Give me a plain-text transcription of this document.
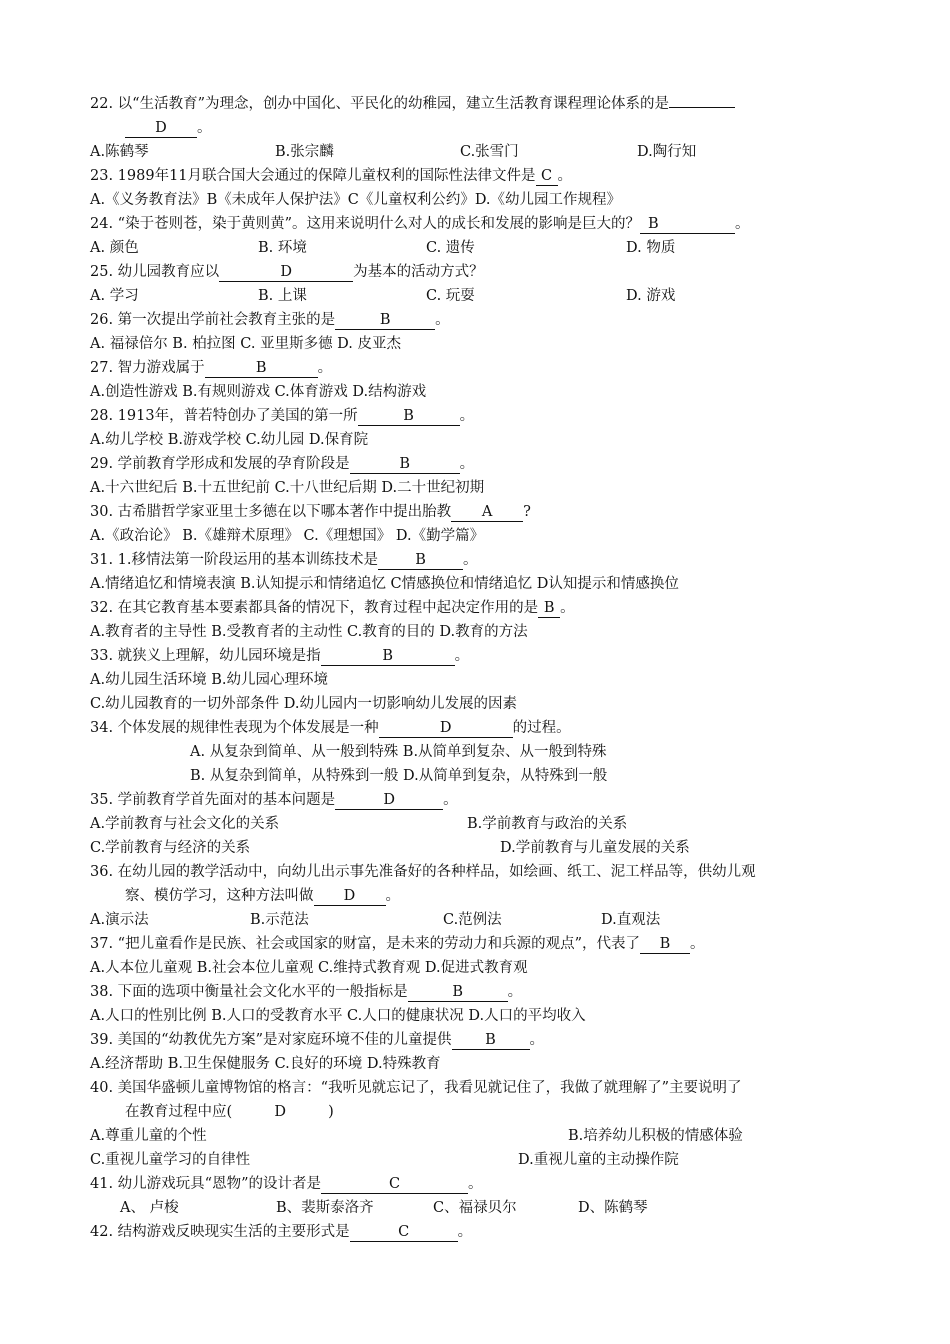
22. 以“生活教育”为理念，创办中国化、平民化的幼稚园，建立生活教育课程理论体系的是
D 。
A.陈鹤琴	B.张宗麟	C.张雪门	D.陶行知
23. 1989年11月联合国大会通过的保障儿童权利的国际性法律文件是 C 。
A.《义务教育法》B《未成年人保护法》C《儿童权利公约》D.《幼儿园工作规程》
24. “染于苍则苍，染于黄则黄”。这用来说明什么对人的成长和发展的影响是巨大的？ B	。
A. 颜色	B. 环境	C. 遗传	D. 物质
25. 幼儿园教育应以	D	为基本的活动方式？
A. 学习	B. 上课	C. 玩耍	D. 游戏
26. 第一次提出学前社会教育主张的是	B	。
A. 福禄倍尔 B. 柏拉图 C. 亚里斯多德 D. 皮亚杰
27. 智力游戏属于	B	。
A.创造性游戏 B.有规则游戏 C.体育游戏 D.结构游戏
28. 1913年，普若特创办了美国的第一所	B	。
A.幼儿学校 B.游戏学校 C.幼儿园 D.保育院
29. 学前教育学形成和发展的孕育阶段是	B	。
A.十六世纪后 B.十五世纪前 C.十八世纪后期 D.二十世纪初期
30. 古希腊哲学家亚里士多德在以下哪本著作中提出胎教 A ?
A.《政治论》 B.《雄辩术原理》 C.《理想国》 D.《勤学篇》
31. 1.移情法第一阶段运用的基本训练技术是	B	。
A.情绪追忆和情境表演 B.认知提示和情绪追忆 C情感换位和情绪追忆 D认知提示和情感换位
32. 在其它教育基本要素都具备的情况下，教育过程中起决定作用的是 B 。
A.教育者的主导性 B.受教育者的主动性 C.教育的目的 D.教育的方法
33. 就狭义上理解，幼儿园环境是指	B	。
A.幼儿园生活环境 B.幼儿园心理环境
C.幼儿园教育的一切外部条件 D.幼儿园内一切影响幼儿发展的因素
34. 个体发展的规律性表现为个体发展是一种	D	的过程。
A. 从复杂到简单、从一般到特殊 B.从简单到复杂、从一般到特殊
B. 从复杂到简单，从特殊到一般 D.从简单到复杂，从特殊到一般
35. 学前教育学首先面对的基本问题是	D	。
A.学前教育与社会文化的关系	B.学前教育与政治的关系
C.学前教育与经济的关系	D.学前教育与儿童发展的关系
36. 在幼儿园的教学活动中，向幼儿出示事先准备好的各种样品，如绘画、纸工、泥工样品等，供幼儿观
察、模仿学习，这种方法叫做 D 。
A.演示法	B.示范法	C.范例法	D.直观法
37. “把儿童看作是民族、社会或国家的财富，是未来的劳动力和兵源的观点”，代表了 B 。
A.人本位儿童观 B.社会本位儿童观 C.维持式教育观 D.促进式教育观
38. 下面的选项中衡量社会文化水平的一般指标是	B	。
A.人口的性别比例 B.人口的受教育水平 C.人口的健康状况 D.人口的平均收入
39. 美国的“幼教优先方案”是对家庭环境不佳的儿童提供 B 。
A.经济帮助 B.卫生保健服务 C.良好的环境 D.特殊教育
40. 美国华盛顿儿童博物馆的格言：“我听见就忘记了，我看见就记住了，我做了就理解了”主要说明了
在教育过程中应(	D	)
A.尊重儿童的个性	B.培养幼儿积极的情感体验
C.重视儿童学习的自律性	D.重视儿童的主动操作院
41. 幼儿游戏玩具“恩物”的设计者是	C	。
A、 卢梭	B、裴斯泰洛齐	C、福禄贝尔	D、陈鹤琴
42. 结构游戏反映现实生活的主要形式是	C	。
